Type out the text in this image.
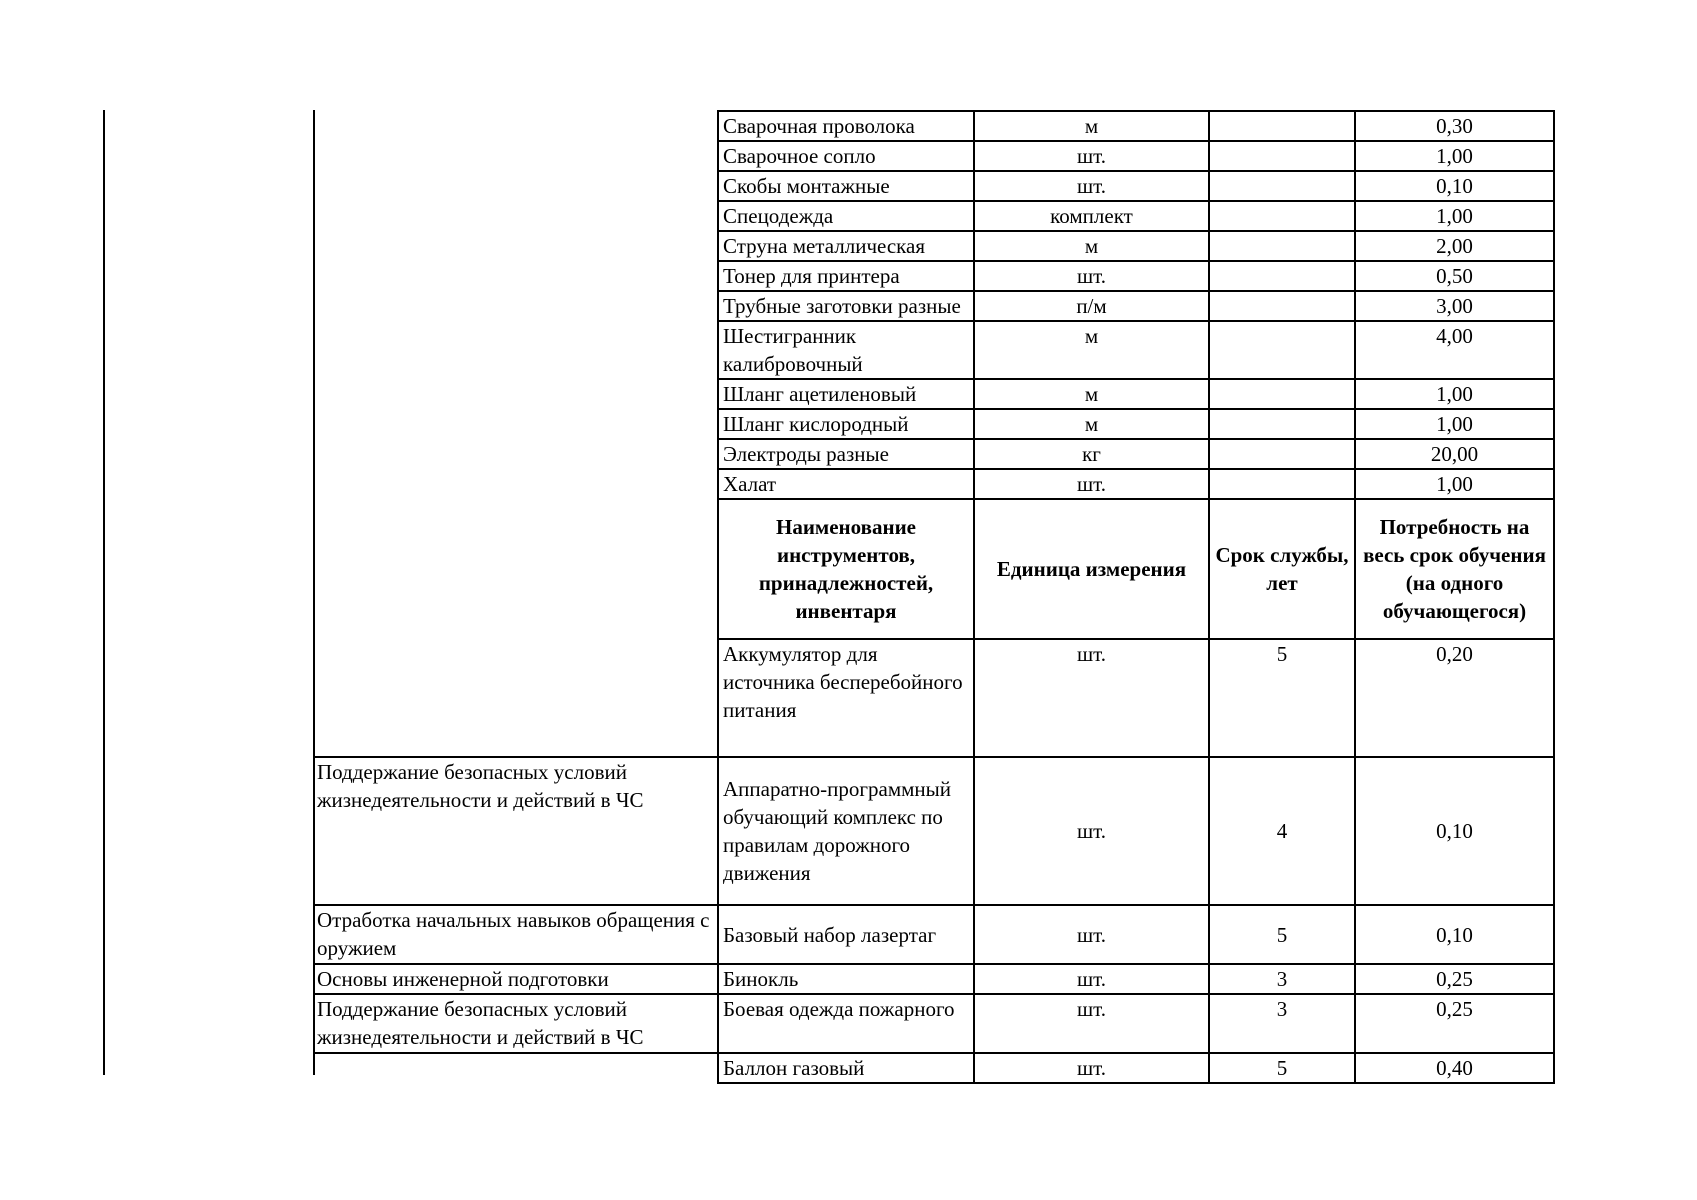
	Сварочная проволока	м		0,30
	Сварочное сопло	шт.		1,00
	Скобы монтажные	шт.		0,10
	Спецодежда	комплект		1,00
	Струна металлическая	м		2,00
	Тонер для принтера	шт.		0,50
	Трубные заготовки разные	п/м		3,00
	Шестигранник калибровочный	м		4,00
	Шланг ацетиленовый	м		1,00
	Шланг кислородный	м		1,00
	Электроды разные	кг		20,00
	Халат	шт.		1,00
	Наименование инструментов, принадлежностей, инвентаря	Единица измерения	Срок службы, лет	Потребность на весь срок обучения (на одного обучающегося)
	Аккумулятор для источника бесперебойного питания	шт.	5	0,20
Поддержание безопасных условий жизнедеятельности и действий в ЧС	Аппаратно-программный обучающий комплекс по правилам дорожного движения	шт.	4	0,10
Отработка начальных навыков обращения с оружием	Базовый набор лазертаг	шт.	5	0,10
Основы инженерной подготовки	Бинокль	шт.	3	0,25
Поддержание безопасных условий жизнедеятельности и действий в ЧС	Боевая одежда пожарного	шт.	3	0,25
	Баллон газовый	шт.	5	0,40
